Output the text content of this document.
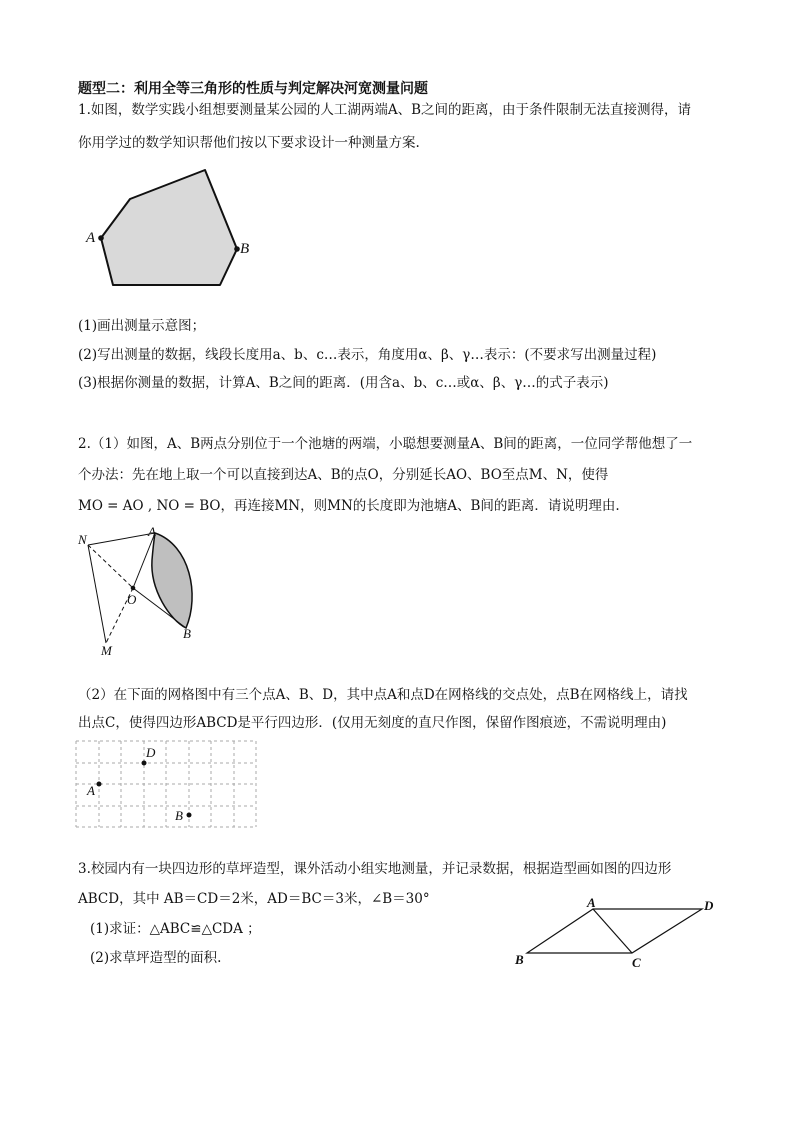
题型二：利用全等三角形的性质与判定解决河宽测量问题
1.如图，数学实践小组想要测量某公园的人工湖两端A、B之间的距离，由于条件限制无法直接测得，请
你用学过的数学知识帮他们按以下要求设计一种测量方案.
A
B
(1)画出测量示意图；
(2)写出测量的数据，线段长度用a、b、c…表示，角度用α、β、γ…表示：(不要求写出测量过程)
(3)根据你测量的数据，计算A、B之间的距离．(用含a、b、c…或α、β、γ…的式子表示)
2.（1）如图，A、B两点分别位于一个池塘的两端，小聪想要测量A、B间的距离，一位同学帮他想了一
个办法：先在地上取一个可以直接到达A、B的点O，分别延长AO、BO至点M、N，使得
MO = AO , NO = BO，再连接MN，则MN的长度即为池塘A、B间的距离．请说明理由.
N
A
O
B
M
（2）在下面的网格图中有三个点A、B、D，其中点A和点D在网格线的交点处，点B在网格线上，请找
出点C，使得四边形ABCD是平行四边形．(仅用无刻度的直尺作图，保留作图痕迹，不需说明理由)
D
A
B
3.校园内有一块四边形的草坪造型，课外活动小组实地测量，并记录数据，根据造型画如图的四边形
ABCD，其中 AB＝CD＝2米，AD＝BC＝3米，∠B＝30°
(1)求证：△ABC≌△CDA ；
(2)求草坪造型的面积.
A	D
B	C
